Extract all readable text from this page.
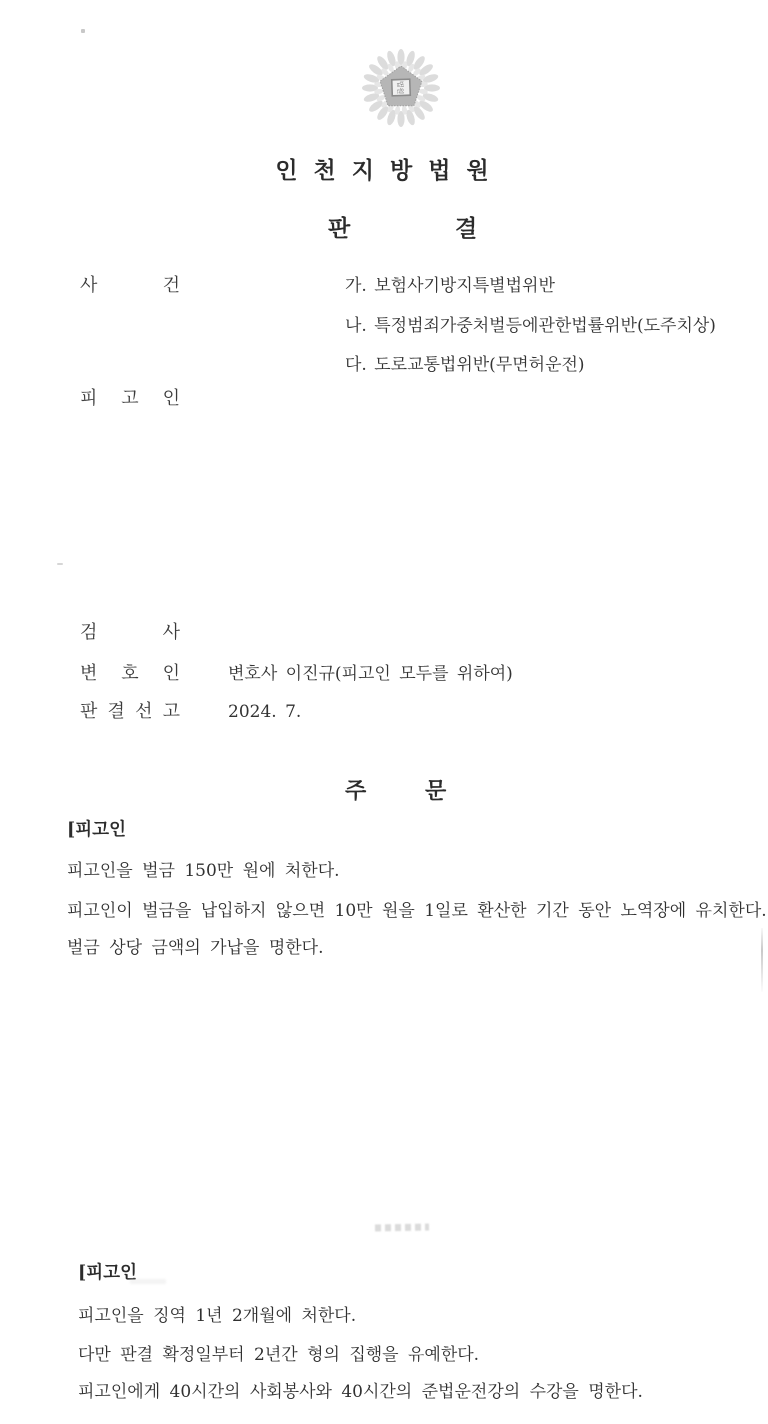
법원
인 천 지 방 법 원
판	결
사 건	가. 보험사기방지특별법위반
나. 특정범죄가중처벌등에관한법률위반(도주치상)
다. 도로교통법위반(무면허운전)
피 고 인
검 사
변 호 인	변호사 이진규(피고인 모두를 위하여)
판 결 선 고	2024. 7.
주	문
[피고인
피고인을 벌금 150만 원에 처한다.
피고인이 벌금을 납입하지 않으면 10만 원을 1일로 환산한 기간 동안 노역장에 유치한다.
벌금 상당 금액의 가납을 명한다.
[피고인
피고인을 징역 1년 2개월에 처한다.
다만 판결 확정일부터 2년간 형의 집행을 유예한다.
피고인에게 40시간의 사회봉사와 40시간의 준법운전강의 수강을 명한다.
